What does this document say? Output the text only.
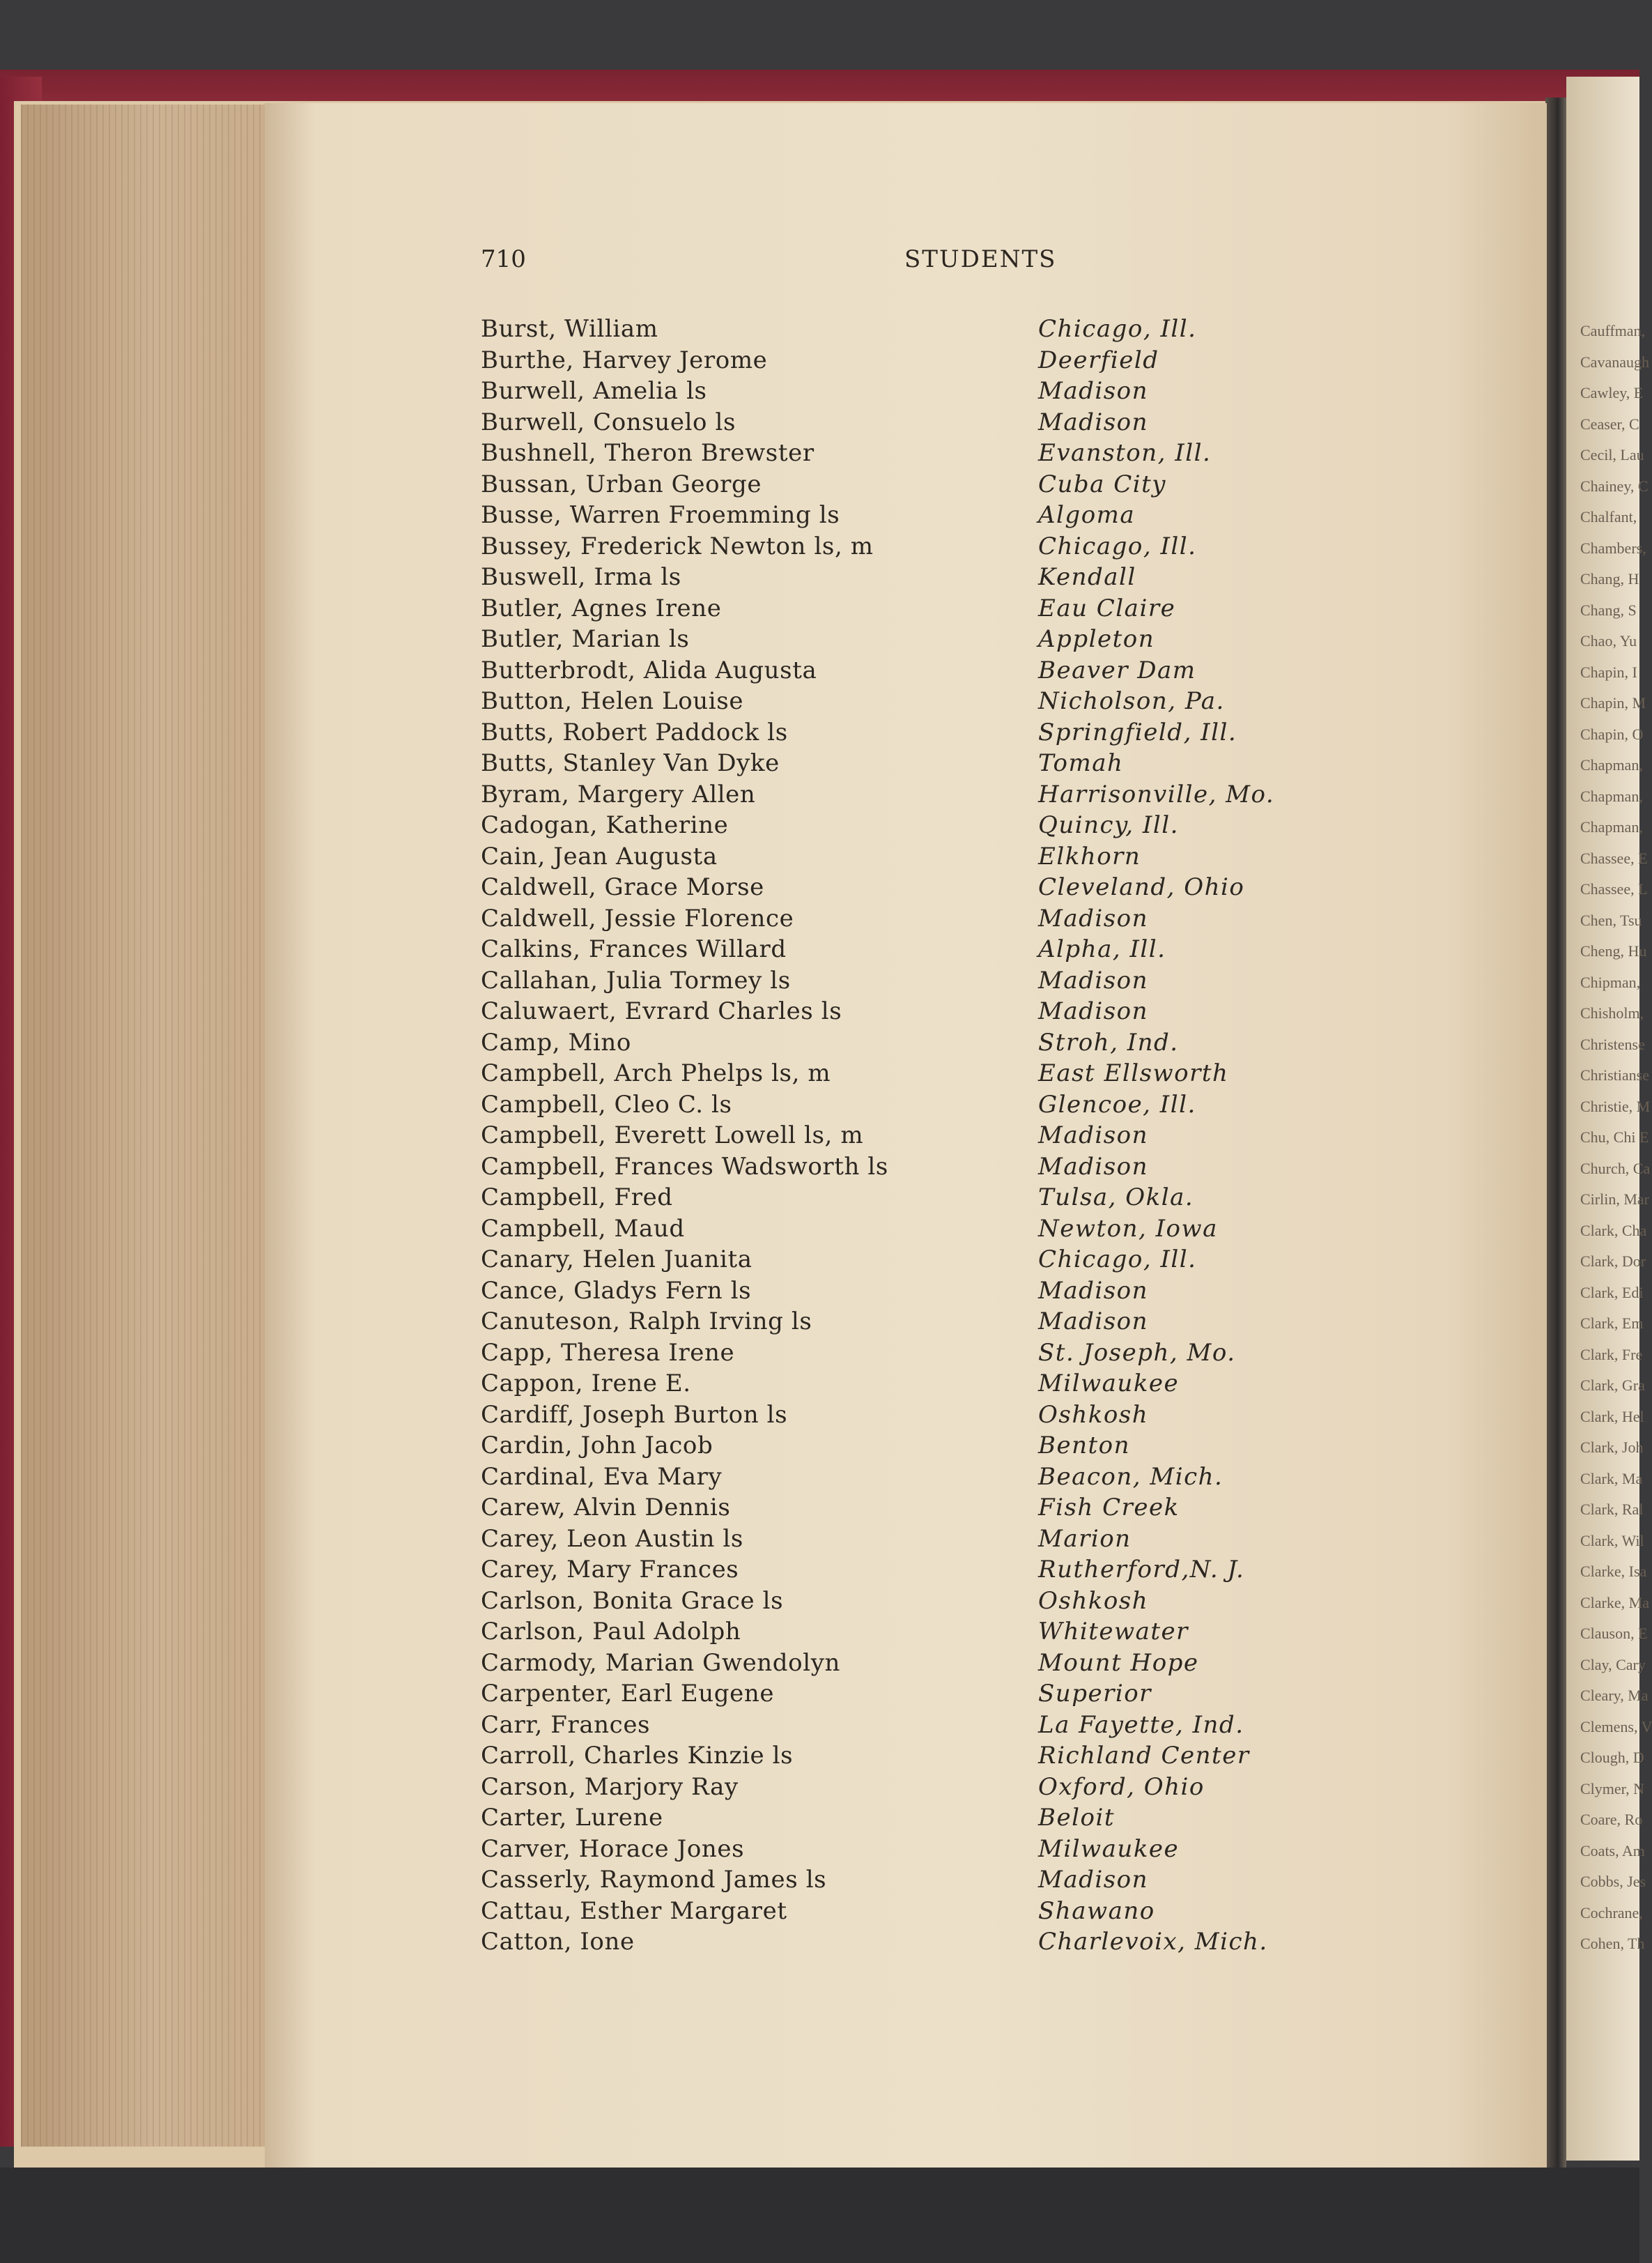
Cauffman,
Cavanaugh
Cawley, E
Ceaser, C
Cecil, Lau
Chainey, C
Chalfant,
Chambers,
Chang, H
Chang, S
Chao, Yu
Chapin, I
Chapin, M
Chapin, O
Chapman,
Chapman,
Chapman,
Chassee, E
Chassee, L
Chen, Tsu
Cheng, Hu
Chipman,
Chisholm,
Christense
Christianse
Christie, M
Chu, Chi E
Church, Ca
Cirlin, Mar
Clark, Cha
Clark, Dor
Clark, Edi
Clark, Em
Clark, Fre
Clark, Gra
Clark, Hel
Clark, Joh
Clark, Ma
Clark, Ral
Clark, Wil
Clarke, Isa
Clarke, Ma
Clauson, E
Clay, Cary
Cleary, Ma
Clemens, V
Clough, D
Clymer, N
Coare, Ro
Coats, Am
Cobbs, Jes
Cochrane,
Cohen, Th
710	STUDENTS
Burst, William	Chicago, Ill.
Burthe, Harvey Jerome	Deerfield
Burwell, Amelia ls	Madison
Burwell, Consuelo ls	Madison
Bushnell, Theron Brewster	Evanston, Ill.
Bussan, Urban George	Cuba City
Busse, Warren Froemming ls	Algoma
Bussey, Frederick Newton ls, m	Chicago, Ill.
Buswell, Irma ls	Kendall
Butler, Agnes Irene	Eau Claire
Butler, Marian ls	Appleton
Butterbrodt, Alida Augusta	Beaver Dam
Button, Helen Louise	Nicholson, Pa.
Butts, Robert Paddock ls	Springfield, Ill.
Butts, Stanley Van Dyke	Tomah
Byram, Margery Allen	Harrisonville, Mo.
Cadogan, Katherine	Quincy, Ill.
Cain, Jean Augusta	Elkhorn
Caldwell, Grace Morse	Cleveland, Ohio
Caldwell, Jessie Florence	Madison
Calkins, Frances Willard	Alpha, Ill.
Callahan, Julia Tormey ls	Madison
Caluwaert, Evrard Charles ls	Madison
Camp, Mino	Stroh, Ind.
Campbell, Arch Phelps ls, m	East Ellsworth
Campbell, Cleo C. ls	Glencoe, Ill.
Campbell, Everett Lowell ls, m	Madison
Campbell, Frances Wadsworth ls	Madison
Campbell, Fred	Tulsa, Okla.
Campbell, Maud	Newton, Iowa
Canary, Helen Juanita	Chicago, Ill.
Cance, Gladys Fern ls	Madison
Canuteson, Ralph Irving ls	Madison
Capp, Theresa Irene	St. Joseph, Mo.
Cappon, Irene E.	Milwaukee
Cardiff, Joseph Burton ls	Oshkosh
Cardin, John Jacob	Benton
Cardinal, Eva Mary	Beacon, Mich.
Carew, Alvin Dennis	Fish Creek
Carey, Leon Austin ls	Marion
Carey, Mary Frances	Rutherford,N. J.
Carlson, Bonita Grace ls	Oshkosh
Carlson, Paul Adolph	Whitewater
Carmody, Marian Gwendolyn	Mount Hope
Carpenter, Earl Eugene	Superior
Carr, Frances	La Fayette, Ind.
Carroll, Charles Kinzie ls	Richland Center
Carson, Marjory Ray	Oxford, Ohio
Carter, Lurene	Beloit
Carver, Horace Jones	Milwaukee
Casserly, Raymond James ls	Madison
Cattau, Esther Margaret	Shawano
Catton, Ione	Charlevoix, Mich.
